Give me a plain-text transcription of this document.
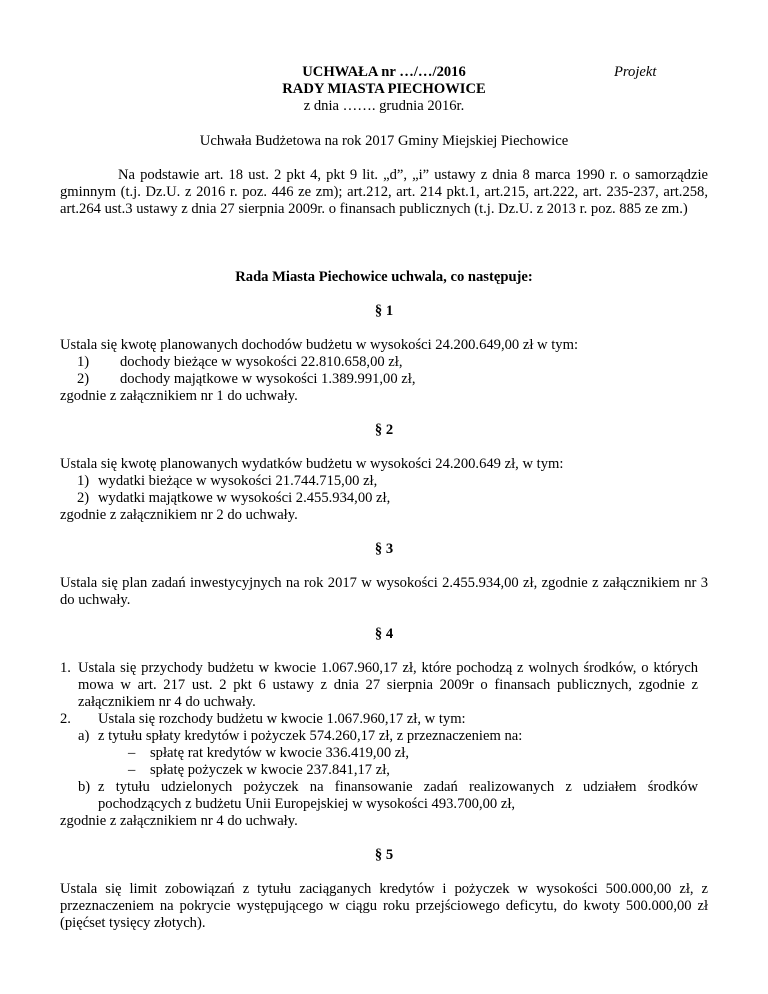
UCHWAŁA nr …/…/2016	Projekt
RADY MIASTA PIECHOWICE
z dnia ……. grudnia 2016r.
Uchwała Budżetowa na rok 2017 Gminy Miejskiej Piechowice
Na podstawie art. 18 ust. 2 pkt 4, pkt 9 lit. „d”, „i” ustawy z dnia 8 marca 1990 r. o samorządzie gminnym (t.j. Dz.U. z 2016 r. poz. 446 ze zm); art.212, art. 214 pkt.1, art.215, art.222, art. 235-237, art.258, art.264 ust.3 ustawy z dnia 27 sierpnia 2009r. o finansach publicznych (t.j. Dz.U. z 2013 r. poz. 885 ze zm.)
Rada Miasta Piechowice uchwala, co następuje:
§ 1
Ustala się kwotę planowanych dochodów budżetu w wysokości 24.200.649,00 zł w tym:
1) dochody bieżące w wysokości 22.810.658,00 zł,
2) dochody majątkowe w wysokości 1.389.991,00 zł,
zgodnie z załącznikiem nr 1 do uchwały.
§ 2
Ustala się kwotę planowanych wydatków budżetu w wysokości 24.200.649 zł, w tym:
1) wydatki bieżące w wysokości 21.744.715,00 zł,
2) wydatki majątkowe w wysokości 2.455.934,00 zł,
zgodnie z załącznikiem nr 2 do uchwały.
§ 3
Ustala się plan zadań inwestycyjnych na rok 2017 w wysokości 2.455.934,00 zł, zgodnie z załącznikiem nr 3 do uchwały.
§ 4
1. Ustala się przychody budżetu w kwocie 1.067.960,17 zł, które pochodzą z wolnych środków, o których mowa w art. 217 ust. 2 pkt 6 ustawy z dnia 27 sierpnia 2009r o finansach publicznych, zgodnie z załącznikiem nr 4 do uchwały.
2. Ustala się rozchody budżetu w kwocie 1.067.960,17 zł, w tym:
a) z tytułu spłaty kredytów i pożyczek 574.260,17 zł, z przeznaczeniem na:
– spłatę rat kredytów w kwocie 336.419,00 zł,
– spłatę pożyczek w kwocie 237.841,17 zł,
b) z tytułu udzielonych pożyczek na finansowanie zadań realizowanych z udziałem środków pochodzących z budżetu Unii Europejskiej w wysokości 493.700,00 zł,
zgodnie z załącznikiem nr 4 do uchwały.
§ 5
Ustala się limit zobowiązań z tytułu zaciąganych kredytów i pożyczek w wysokości 500.000,00 zł, z przeznaczeniem na pokrycie występującego w ciągu roku przejściowego deficytu, do kwoty 500.000,00 zł (pięćset tysięcy złotych).
